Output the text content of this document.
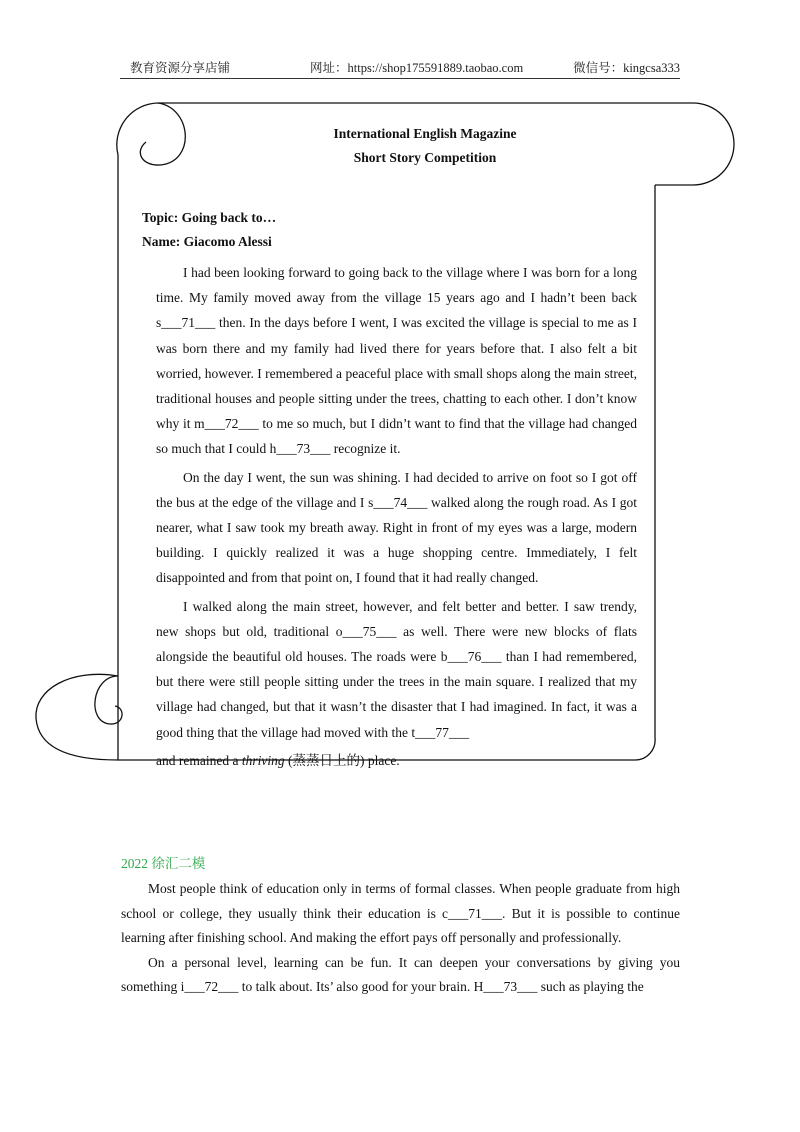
教育资源分享店铺	网址：https://shop175591889.taobao.com	微信号：kingcsa333
International English Magazine
Short Story Competition
Topic: Going back to…
Name: Giacomo Alessi

I had been looking forward to going back to the village where I was born for a long time. My family moved away from the village 15 years ago and I hadn’t been back s___71___ then. In the days before I went, I was excited the village is special to me as I was born there and my family had lived there for years before that. I also felt a bit worried, however. I remembered a peaceful place with small shops along the main street, traditional houses and people sitting under the trees, chatting to each other. I don’t know why it m___72___ to me so much, but I didn’t want to find that the village had changed so much that I could h___73___ recognize it.

On the day I went, the sun was shining. I had decided to arrive on foot so I got off the bus at the edge of the village and I s___74___ walked along the rough road. As I got nearer, what I saw took my breath away. Right in front of my eyes was a large, modern building. I quickly realized it was a huge shopping centre. Immediately, I felt disappointed and from that point on, I found that it had really changed.

I walked along the main street, however, and felt better and better. I saw trendy, new shops but old, traditional o___75___ as well. There were new blocks of flats alongside the beautiful old houses. The roads were b___76___ than I had remembered, but there were still people sitting under the trees in the main square. I realized that my village had changed, but that it wasn’t the disaster that I had imagined. In fact, it was a good thing that the village had moved with the t___77___

and remained a thriving (蒸蒸日上的) place.

2022 徐汇二模

Most people think of education only in terms of formal classes. When people graduate from high school or college, they usually think their education is c___71___. But it is possible to continue learning after finishing school. And making the effort pays off personally and professionally.

On a personal level, learning can be fun. It can deepen your conversations by giving you something i___72___ to talk about. Its’ also good for your brain. H___73___ such as playing the
